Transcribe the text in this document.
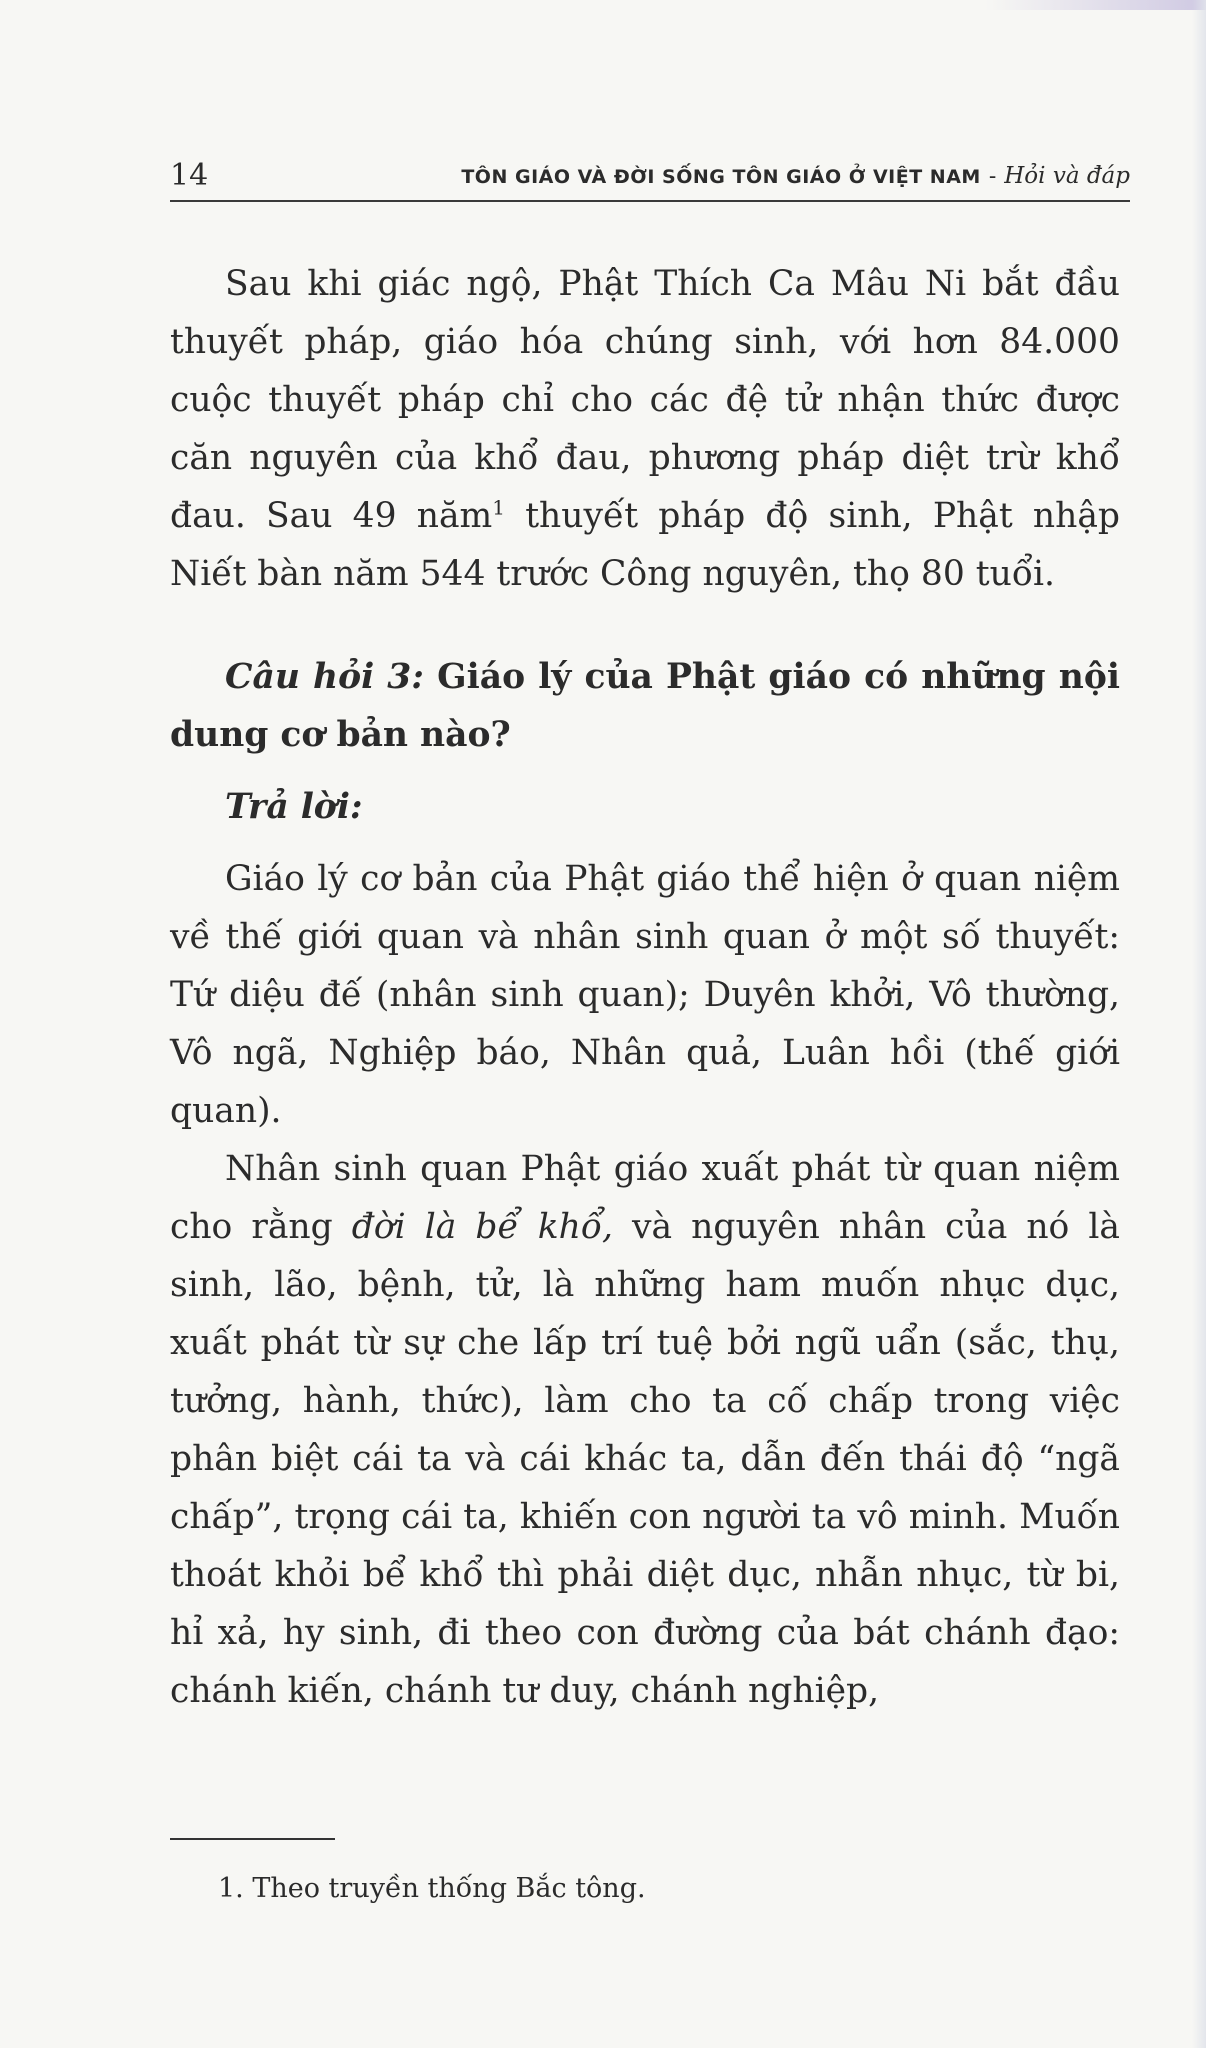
14	TÔN GIÁO VÀ ĐỜI SỐNG TÔN GIÁO Ở VIỆT NAM - Hỏi và đáp

Sau khi giác ngộ, Phật Thích Ca Mâu Ni bắt đầu thuyết pháp, giáo hóa chúng sinh, với hơn 84.000 cuộc thuyết pháp chỉ cho các đệ tử nhận thức được căn nguyên của khổ đau, phương pháp diệt trừ khổ đau. Sau 49 năm$^1$ thuyết pháp độ sinh, Phật nhập Niết bàn năm 544 trước Công nguyên, thọ 80 tuổi.

Câu hỏi 3: Giáo lý của Phật giáo có những nội dung cơ bản nào?

Trả lời:

Giáo lý cơ bản của Phật giáo thể hiện ở quan niệm về thế giới quan và nhân sinh quan ở một số thuyết: Tứ diệu đế (nhân sinh quan); Duyên khởi, Vô thường, Vô ngã, Nghiệp báo, Nhân quả, Luân hồi (thế giới quan).

Nhân sinh quan Phật giáo xuất phát từ quan niệm cho rằng đời là bể khổ, và nguyên nhân của nó là sinh, lão, bệnh, tử, là những ham muốn nhục dục, xuất phát từ sự che lấp trí tuệ bởi ngũ uẩn (sắc, thụ, tưởng, hành, thức), làm cho ta cố chấp trong việc phân biệt cái ta và cái khác ta, dẫn đến thái độ “ngã chấp”, trọng cái ta, khiến con người ta vô minh. Muốn thoát khỏi bể khổ thì phải diệt dục, nhẫn nhục, từ bi, hỉ xả, hy sinh, đi theo con đường của bát chánh đạo: chánh kiến, chánh tư duy, chánh nghiệp,

1. Theo truyền thống Bắc tông.
